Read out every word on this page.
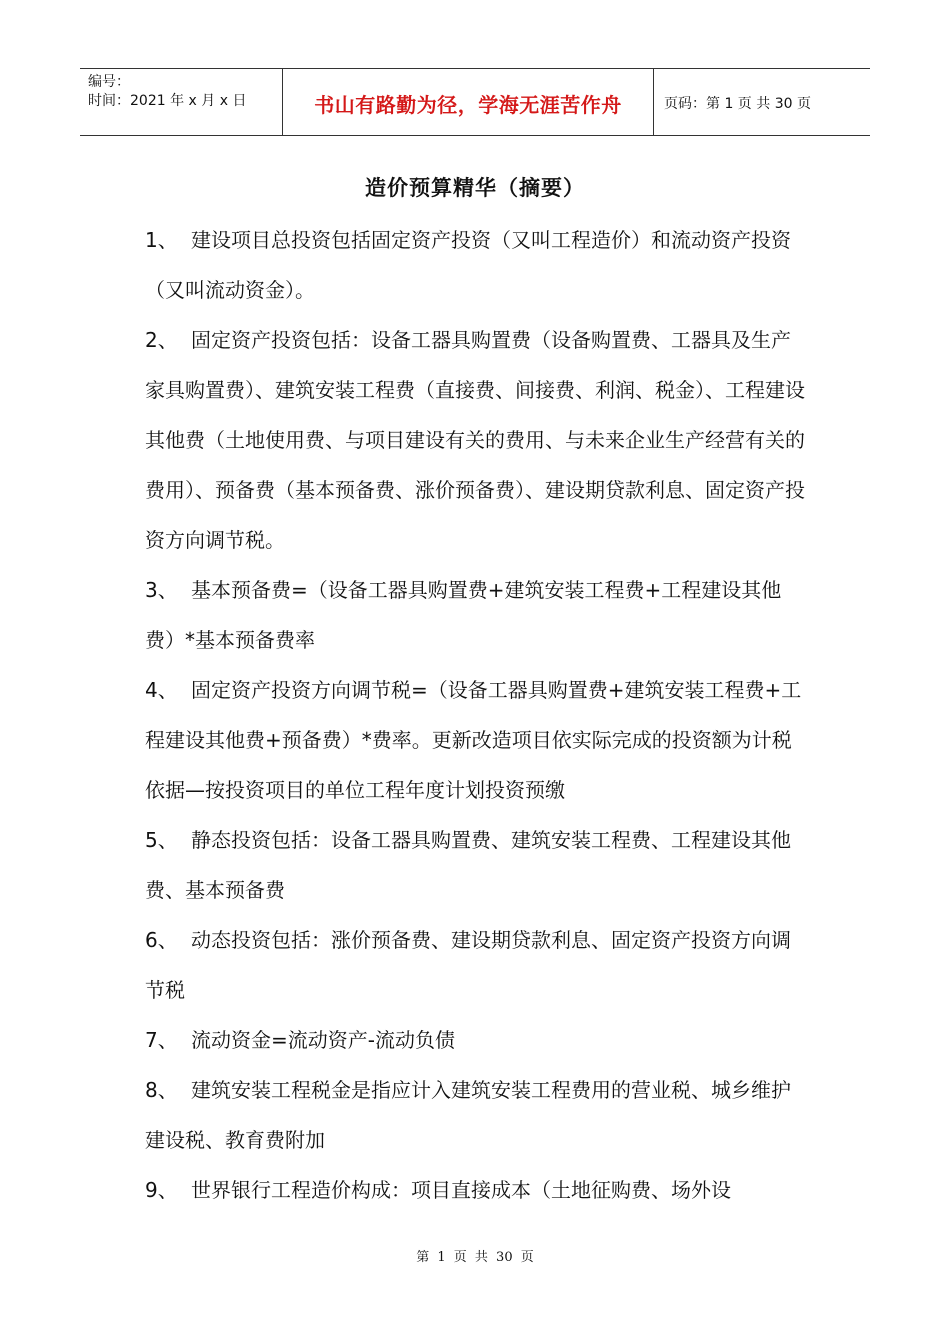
编号：
时间：2021 年 x 月 x 日	书山有路勤为径，学海无涯苦作舟	页码：第 1 页 共 30 页
造价预算精华（摘要）

1、 建设项目总投资包括固定资产投资（又叫工程造价）和流动资产投资（又叫流动资金）。

2、 固定资产投资包括：设备工器具购置费（设备购置费、工器具及生产家具购置费）、建筑安装工程费（直接费、间接费、利润、税金）、工程建设其他费（土地使用费、与项目建设有关的费用、与未来企业生产经营有关的费用）、预备费（基本预备费、涨价预备费）、建设期贷款利息、固定资产投资方向调节税。

3、 基本预备费=（设备工器具购置费+建筑安装工程费+工程建设其他费）*基本预备费率

4、 固定资产投资方向调节税=（设备工器具购置费+建筑安装工程费+工程建设其他费+预备费）*费率。更新改造项目依实际完成的投资额为计税依据—按投资项目的单位工程年度计划投资预缴

5、 静态投资包括：设备工器具购置费、建筑安装工程费、工程建设其他费、基本预备费

6、 动态投资包括：涨价预备费、建设期贷款利息、固定资产投资方向调节税

7、 流动资金=流动资产-流动负债

8、 建筑安装工程税金是指应计入建筑安装工程费用的营业税、城乡维护建设税、教育费附加

9、 世界银行工程造价构成：项目直接成本（土地征购费、场外设

第 1 页 共 30 页
